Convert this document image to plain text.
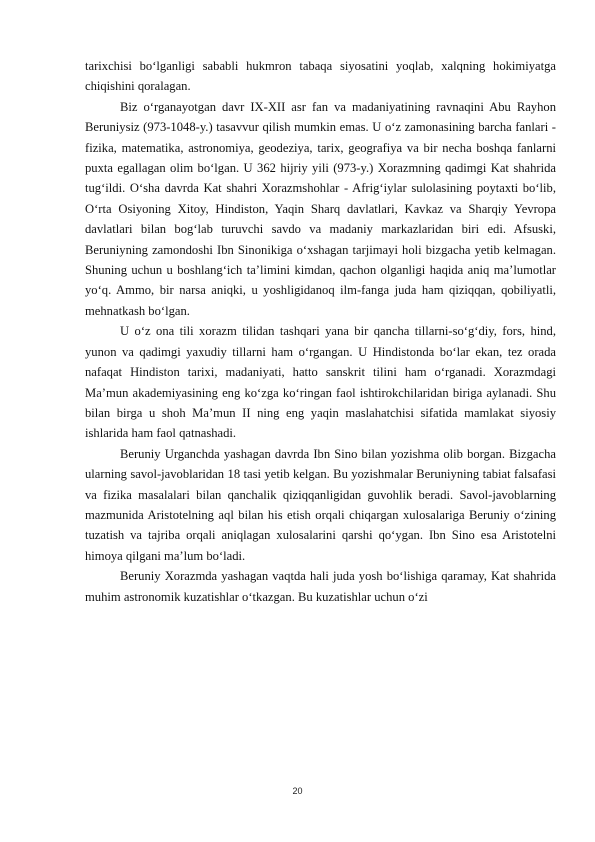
tarixchisi bo‘lganligi sababli hukmron tabaqa siyosatini yoqlab, xalqning hokimiyatga chiqishini qoralagan.

Biz o‘rganayotgan davr IX-XII asr fan va madaniyatining ravnaqini Abu Rayhon Beruniysiz (973-1048-y.) tasavvur qilish mumkin emas. U o‘z zamonasining barcha fanlari - fizika, matematika, astronomiya, geodeziya, tarix, geografiya va bir necha boshqa fanlarni puxta egallagan olim bo‘lgan. U 362 hijriy yili (973-y.) Xorazmning qadimgi Kat shahrida tug‘ildi. O‘sha davrda Kat shahri Xorazmshohlar - Afrig‘iylar sulolasining poytaxti bo‘lib, O‘rta Osiyoning Xitoy, Hindiston, Yaqin Sharq davlatlari, Kavkaz va Sharqiy Yevropa davlatlari bilan bog‘lab turuvchi savdo va madaniy markazlaridan biri edi. Afsuski, Beruniyning zamondoshi Ibn Sinonikiga o‘xshagan tarjimayi holi bizgacha yetib kelmagan. Shuning uchun u boshlang‘ich ta’limini kimdan, qachon olganligi haqida aniq ma’lumotlar yo‘q. Ammo, bir narsa aniqki, u yoshligidanoq ilm-fanga juda ham qiziqqan, qobiliyatli, mehnatkash bo‘lgan.

U o‘z ona tili xorazm tilidan tashqari yana bir qancha tillarni-so‘g‘diy, fors, hind, yunon va qadimgi yaxudiy tillarni ham o‘rgangan. U Hindistonda bo‘lar ekan, tez orada nafaqat Hindiston tarixi, madaniyati, hatto sanskrit tilini ham o‘rganadi. Xorazmdagi Ma’mun akademiyasining eng ko‘zga ko‘ringan faol ishtirokchilaridan biriga aylanadi. Shu bilan birga u shoh Ma’mun II ning eng yaqin maslahatchisi sifatida mamlakat siyosiy ishlarida ham faol qatnashadi.

Beruniy Urganchda yashagan davrda Ibn Sino bilan yozishma olib borgan. Bizgacha ularning savol-javoblaridan 18 tasi yetib kelgan. Bu yozishmalar Beruniyning tabiat falsafasi va fizika masalalari bilan qanchalik qiziqqanligidan guvohlik beradi. Savol-javoblarning mazmunida Aristotelning aql bilan his etish orqali chiqargan xulosalariga Beruniy o‘zining tuzatish va tajriba orqali aniqlagan xulosalarini qarshi qo‘ygan. Ibn Sino esa Aristotelni himoya qilgani ma’lum bo‘ladi.

Beruniy Xorazmda yashagan vaqtda hali juda yosh bo‘lishiga qaramay, Kat shahrida muhim astronomik kuzatishlar o‘tkazgan. Bu kuzatishlar uchun o‘zi

20
